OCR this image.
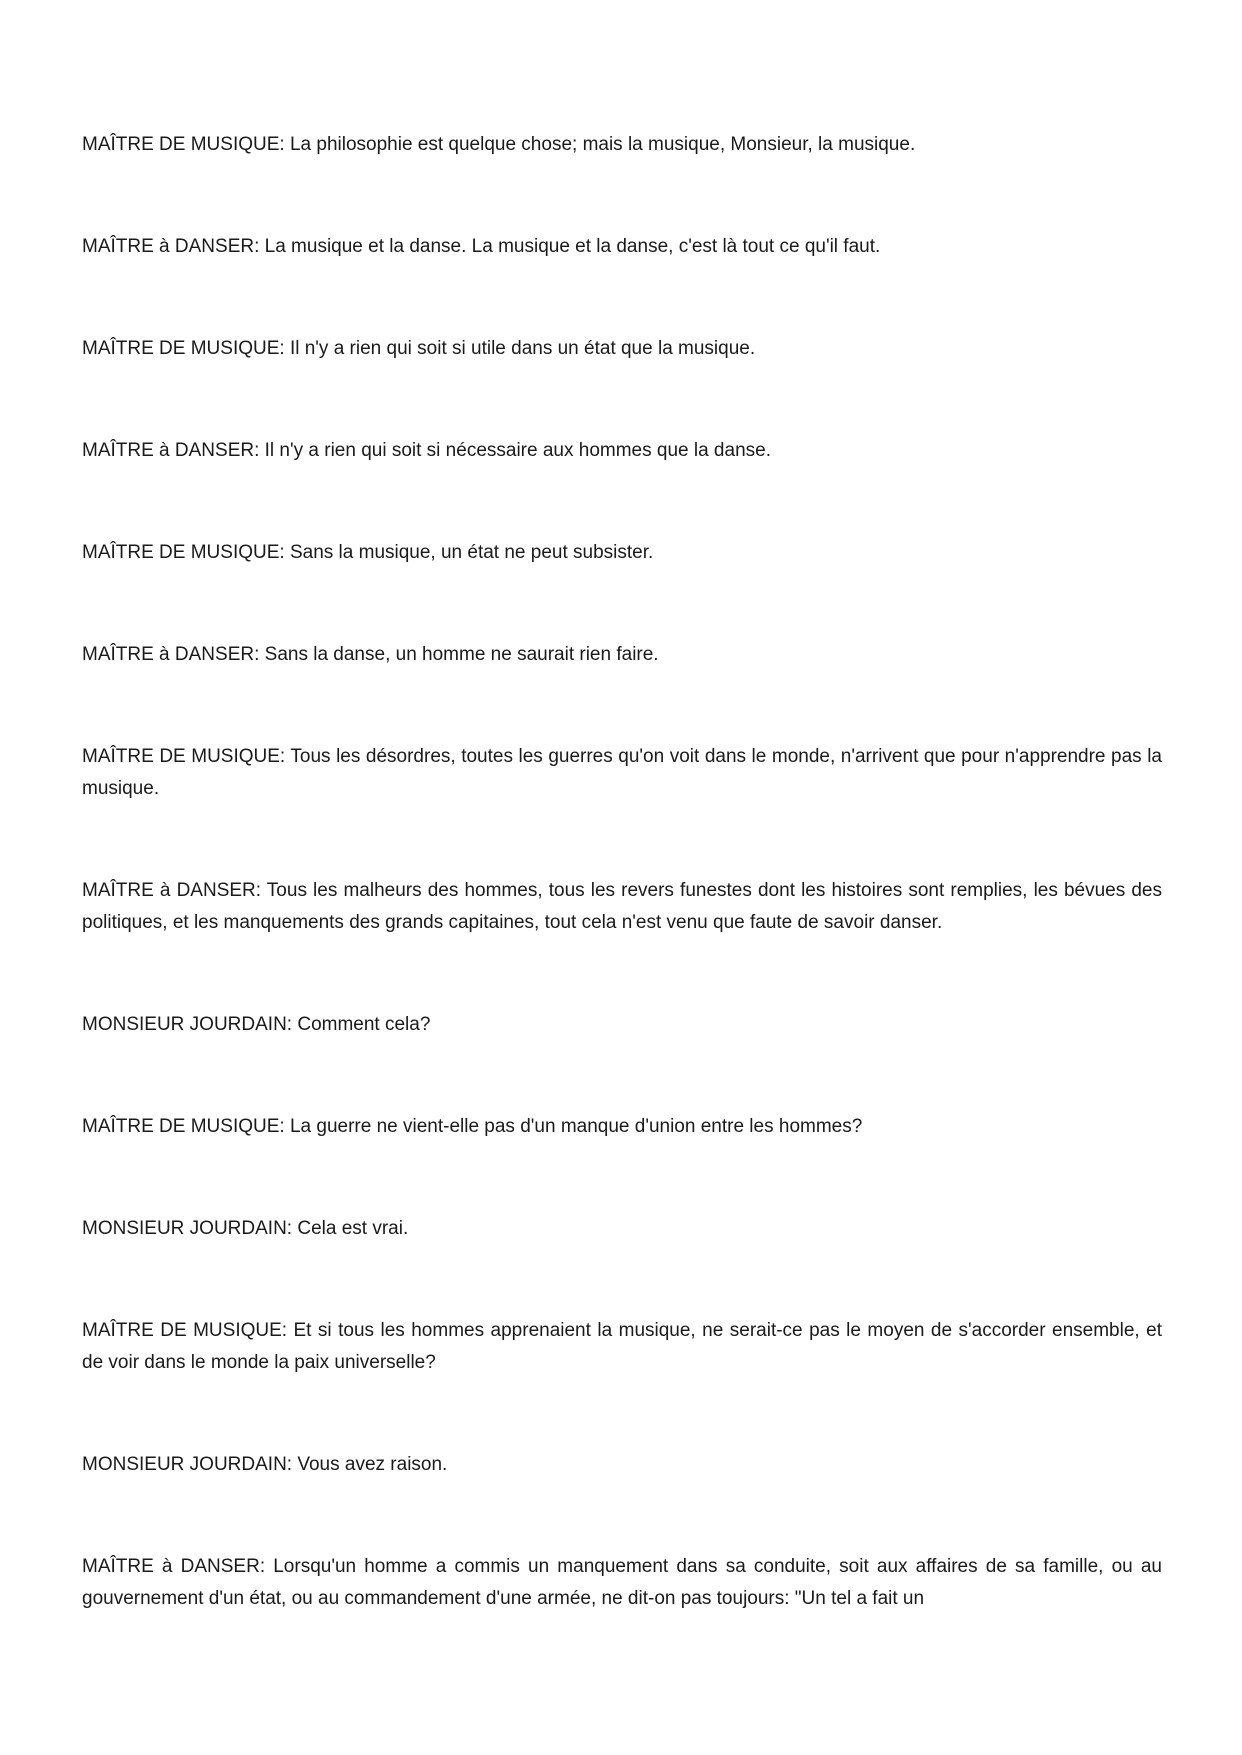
MAÎTRE DE MUSIQUE: La philosophie est quelque chose; mais la musique, Monsieur, la musique.

MAÎTRE à DANSER: La musique et la danse. La musique et la danse, c'est là tout ce qu'il faut.

MAÎTRE DE MUSIQUE: Il n'y a rien qui soit si utile dans un état que la musique.

MAÎTRE à DANSER: Il n'y a rien qui soit si nécessaire aux hommes que la danse.

MAÎTRE DE MUSIQUE: Sans la musique, un état ne peut subsister.

MAÎTRE à DANSER: Sans la danse, un homme ne saurait rien faire.

MAÎTRE DE MUSIQUE: Tous les désordres, toutes les guerres qu'on voit dans le monde, n'arrivent que pour n'apprendre pas la musique.

MAÎTRE à DANSER: Tous les malheurs des hommes, tous les revers funestes dont les histoires sont remplies, les bévues des politiques, et les manquements des grands capitaines, tout cela n'est venu que faute de savoir danser.

MONSIEUR JOURDAIN: Comment cela?

MAÎTRE DE MUSIQUE: La guerre ne vient-elle pas d'un manque d'union entre les hommes?

MONSIEUR JOURDAIN: Cela est vrai.

MAÎTRE DE MUSIQUE: Et si tous les hommes apprenaient la musique, ne serait-ce pas le moyen de s'accorder ensemble, et de voir dans le monde la paix universelle?

MONSIEUR JOURDAIN: Vous avez raison.

MAÎTRE à DANSER: Lorsqu'un homme a commis un manquement dans sa conduite, soit aux affaires de sa famille, ou au gouvernement d'un état, ou au commandement d'une armée, ne dit-on pas toujours: "Un tel a fait un
